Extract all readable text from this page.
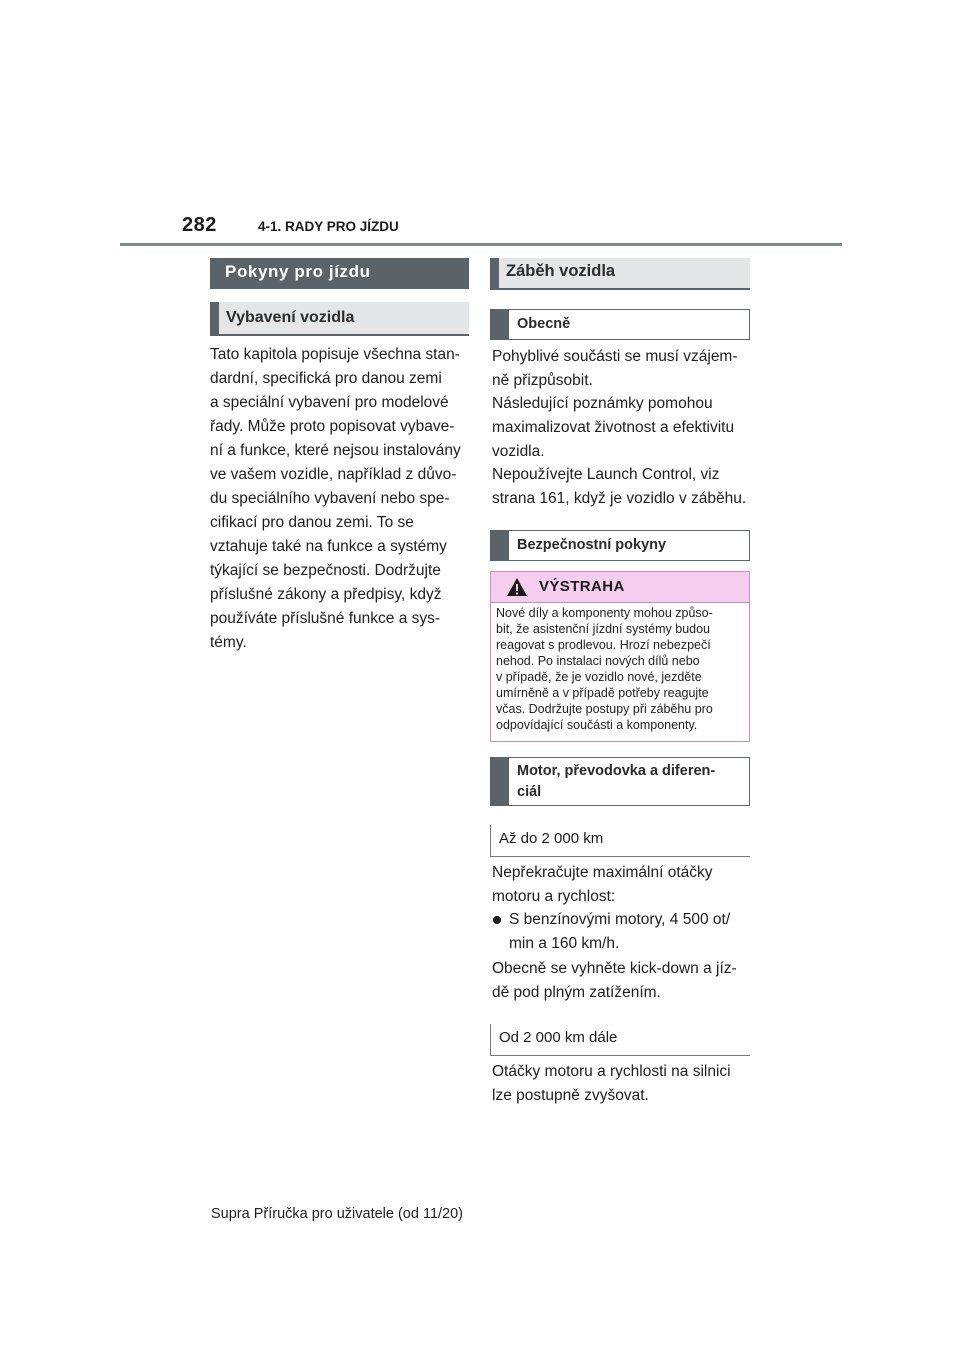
282	4-1. RADY PRO JÍZDU
Pokyny pro jízdu
Vybavení vozidla
Tato kapitola popisuje všechna stan-
dardní, specifická pro danou zemi
a speciální vybavení pro modelové
řady. Může proto popisovat vybave-
ní a funkce, které nejsou instalovány
ve vašem vozidle, například z důvo-
du speciálního vybavení nebo spe-
cifikací pro danou zemi. To se
vztahuje také na funkce a systémy
týkající se bezpečnosti. Dodržujte
příslušné zákony a předpisy, když
používáte příslušné funkce a sys-
témy.
Záběh vozidla
Obecně
Pohyblivé součásti se musí vzájem-
ně přizpůsobit.
Následující poznámky pomohou
maximalizovat životnost a efektivitu
vozidla.
Nepoužívejte Launch Control, viz
strana 161, když je vozidlo v záběhu.
Bezpečnostní pokyny
VÝSTRAHA
Nové díly a komponenty mohou způso-
bit, že asistenční jízdní systémy budou
reagovat s prodlevou. Hrozí nebezpečí
nehod. Po instalaci nových dílů nebo
v případě, že je vozidlo nové, jezděte
umírněně a v případě potřeby reagujte
včas. Dodržujte postupy při záběhu pro
odpovídající součásti a komponenty.
Motor, převodovka a diferen-
ciál
Až do 2 000 km
Nepřekračujte maximální otáčky
motoru a rychlost:
S benzínovými motory, 4 500 ot/
min a 160 km/h.
Obecně se vyhněte kick-down a jíz-
dě pod plným zatížením.
Od 2 000 km dále
Otáčky motoru a rychlosti na silnici
lze postupně zvyšovat.
Supra Příručka pro uživatele (od 11/20)
